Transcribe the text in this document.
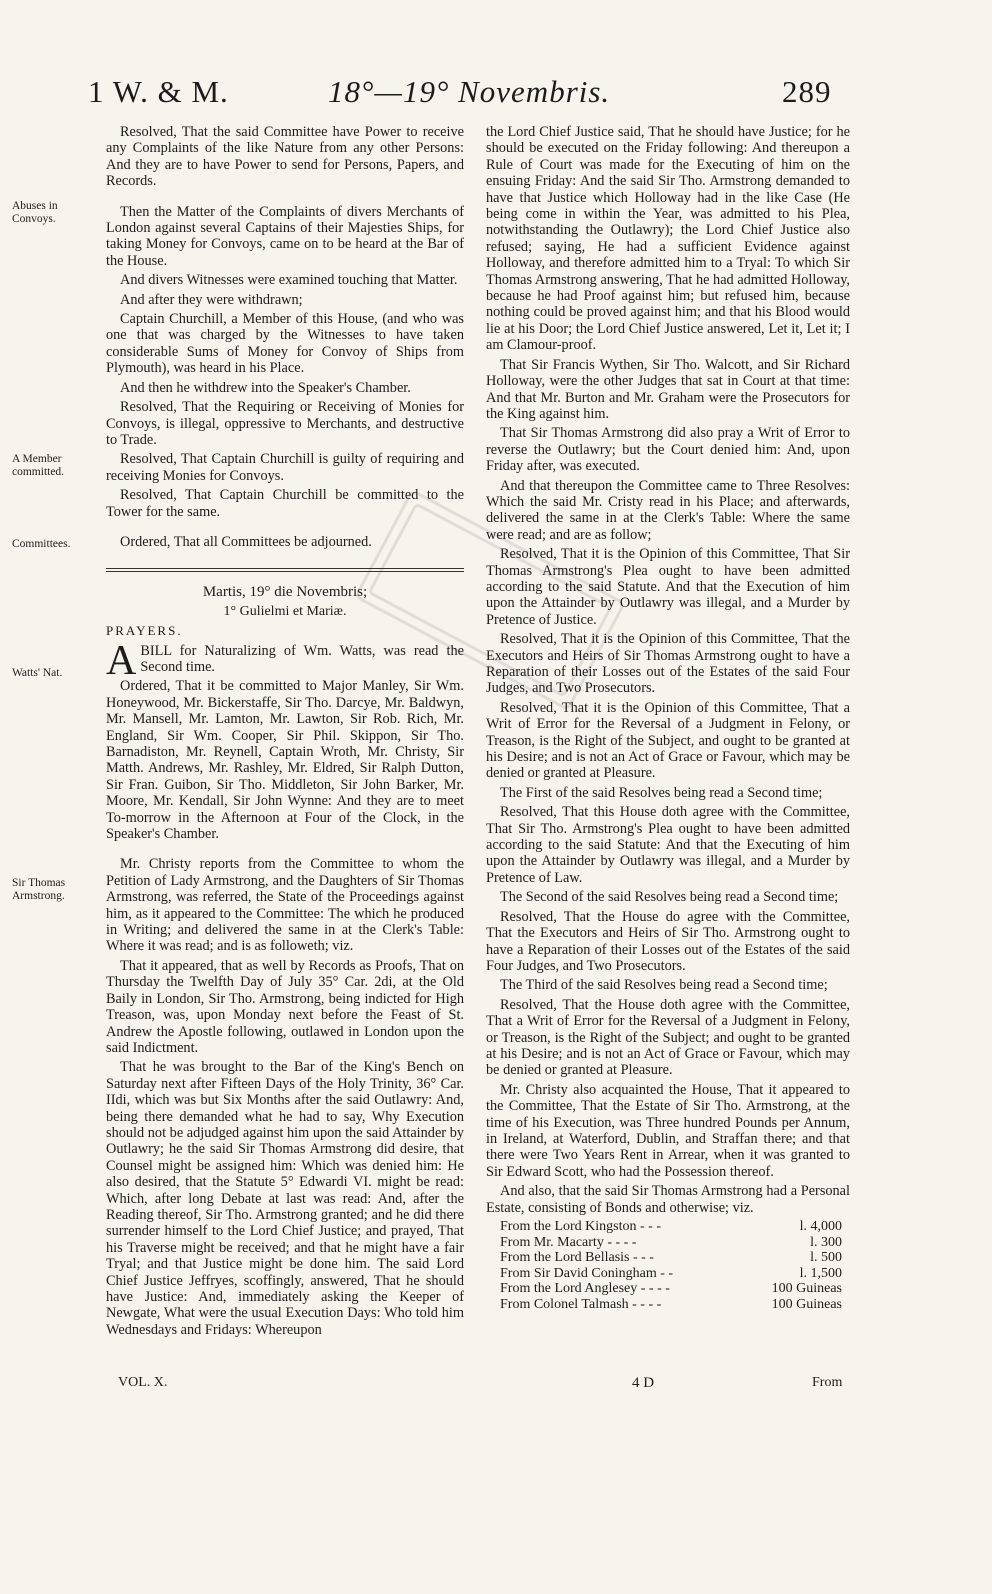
1 W. & M.	18°—19° Novembris.	289
Abuses in Convoys.
A Member committed.
Committees.
Watts' Nat.
Sir Thomas Armstrong.

Resolved, That the said Committee have Power to receive any Complaints of the like Nature from any other Persons: And they are to have Power to send for Persons, Papers, and Records.

Then the Matter of the Complaints of divers Merchants of London against several Captains of their Majesties Ships, for taking Money for Convoys, came on to be heard at the Bar of the House.

And divers Witnesses were examined touching that Matter.

And after they were withdrawn;

Captain Churchill, a Member of this House, (and who was one that was charged by the Witnesses to have taken considerable Sums of Money for Convoy of Ships from Plymouth), was heard in his Place.

And then he withdrew into the Speaker's Chamber.

Resolved, That the Requiring or Receiving of Monies for Convoys, is illegal, oppressive to Merchants, and destructive to Trade.

Resolved, That Captain Churchill is guilty of requiring and receiving Monies for Convoys.

Resolved, That Captain Churchill be committed to the Tower for the same.

Ordered, That all Committees be adjourned.

Martis, 19° die Novembris;

1° Gulielmi et Mariæ.

PRAYERS.

ABILL for Naturalizing of Wm. Watts, was read the Second time.

Ordered, That it be committed to Major Manley, Sir Wm. Honeywood, Mr. Bickerstaffe, Sir Tho. Darcye, Mr. Baldwyn, Mr. Mansell, Mr. Lamton, Mr. Lawton, Sir Rob. Rich, Mr. England, Sir Wm. Cooper, Sir Phil. Skippon, Sir Tho. Barnadiston, Mr. Reynell, Captain Wroth, Mr. Christy, Sir Matth. Andrews, Mr. Rashley, Mr. Eldred, Sir Ralph Dutton, Sir Fran. Guibon, Sir Tho. Middleton, Sir John Barker, Mr. Moore, Mr. Kendall, Sir John Wynne: And they are to meet To-morrow in the Afternoon at Four of the Clock, in the Speaker's Chamber.

Mr. Christy reports from the Committee to whom the Petition of Lady Armstrong, and the Daughters of Sir Thomas Armstrong, was referred, the State of the Proceedings against him, as it appeared to the Committee: The which he produced in Writing; and delivered the same in at the Clerk's Table: Where it was read; and is as followeth; viz.

That it appeared, that as well by Records as Proofs, That on Thursday the Twelfth Day of July 35° Car. 2di, at the Old Baily in London, Sir Tho. Armstrong, being indicted for High Treason, was, upon Monday next before the Feast of St. Andrew the Apostle following, outlawed in London upon the said Indictment.

That he was brought to the Bar of the King's Bench on Saturday next after Fifteen Days of the Holy Trinity, 36° Car. IIdi, which was but Six Months after the said Outlawry: And, being there demanded what he had to say, Why Execution should not be adjudged against him upon the said Attainder by Outlawry; he the said Sir Thomas Armstrong did desire, that Counsel might be assigned him: Which was denied him: He also desired, that the Statute 5° Edwardi VI. might be read: Which, after long Debate at last was read: And, after the Reading thereof, Sir Tho. Armstrong granted; and he did there surrender himself to the Lord Chief Justice; and prayed, That his Traverse might be received; and that he might have a fair Tryal; and that Justice might be done him. The said Lord Chief Justice Jeffryes, scoffingly, answered, That he should have Justice: And, immediately asking the Keeper of Newgate, What were the usual Execution Days: Who told him Wednesdays and Fridays: Whereupon

the Lord Chief Justice said, That he should have Justice; for he should be executed on the Friday following: And thereupon a Rule of Court was made for the Executing of him on the ensuing Friday: And the said Sir Tho. Armstrong demanded to have that Justice which Holloway had in the like Case (He being come in within the Year, was admitted to his Plea, notwithstanding the Outlawry); the Lord Chief Justice also refused; saying, He had a sufficient Evidence against Holloway, and therefore admitted him to a Tryal: To which Sir Thomas Armstrong answering, That he had admitted Holloway, because he had Proof against him; but refused him, because nothing could be proved against him; and that his Blood would lie at his Door; the Lord Chief Justice answered, Let it, Let it; I am Clamour-proof.

That Sir Francis Wythen, Sir Tho. Walcott, and Sir Richard Holloway, were the other Judges that sat in Court at that time: And that Mr. Burton and Mr. Graham were the Prosecutors for the King against him.

That Sir Thomas Armstrong did also pray a Writ of Error to reverse the Outlawry; but the Court denied him: And, upon Friday after, was executed.

And that thereupon the Committee came to Three Resolves: Which the said Mr. Cristy read in his Place; and afterwards, delivered the same in at the Clerk's Table: Where the same were read; and are as follow;

Resolved, That it is the Opinion of this Committee, That Sir Thomas Armstrong's Plea ought to have been admitted according to the said Statute. And that the Execution of him upon the Attainder by Outlawry was illegal, and a Murder by Pretence of Justice.

Resolved, That it is the Opinion of this Committee, That the Executors and Heirs of Sir Thomas Armstrong ought to have a Reparation of their Losses out of the Estates of the said Four Judges, and Two Prosecutors.

Resolved, That it is the Opinion of this Committee, That a Writ of Error for the Reversal of a Judgment in Felony, or Treason, is the Right of the Subject, and ought to be granted at his Desire; and is not an Act of Grace or Favour, which may be denied or granted at Pleasure.

The First of the said Resolves being read a Second time;

Resolved, That this House doth agree with the Committee, That Sir Tho. Armstrong's Plea ought to have been admitted according to the said Statute: And that the Executing of him upon the Attainder by Outlawry was illegal, and a Murder by Pretence of Law.

The Second of the said Resolves being read a Second time;

Resolved, That the House do agree with the Committee, That the Executors and Heirs of Sir Tho. Armstrong ought to have a Reparation of their Losses out of the Estates of the said Four Judges, and Two Prosecutors.

The Third of the said Resolves being read a Second time;

Resolved, That the House doth agree with the Committee, That a Writ of Error for the Reversal of a Judgment in Felony, or Treason, is the Right of the Subject; and ought to be granted at his Desire; and is not an Act of Grace or Favour, which may be denied or granted at Pleasure.

Mr. Christy also acquainted the House, That it appeared to the Committee, That the Estate of Sir Tho. Armstrong, at the time of his Execution, was Three hundred Pounds per Annum, in Ireland, at Waterford, Dublin, and Straffan there; and that there were Two Years Rent in Arrear, when it was granted to Sir Edward Scott, who had the Possession thereof.

And also, that the said Sir Thomas Armstrong had a Personal Estate, consisting of Bonds and otherwise; viz.

From the Lord Kingston - - -	l. 4,000
From Mr. Macarty - - - -	l. 300
From the Lord Bellasis - - -	l. 500
From Sir David Coningham - -	l. 1,500
From the Lord Anglesey - - - -	100 Guineas
From Colonel Talmash - - - -	100 Guineas
VOL. X.	4 D	From
